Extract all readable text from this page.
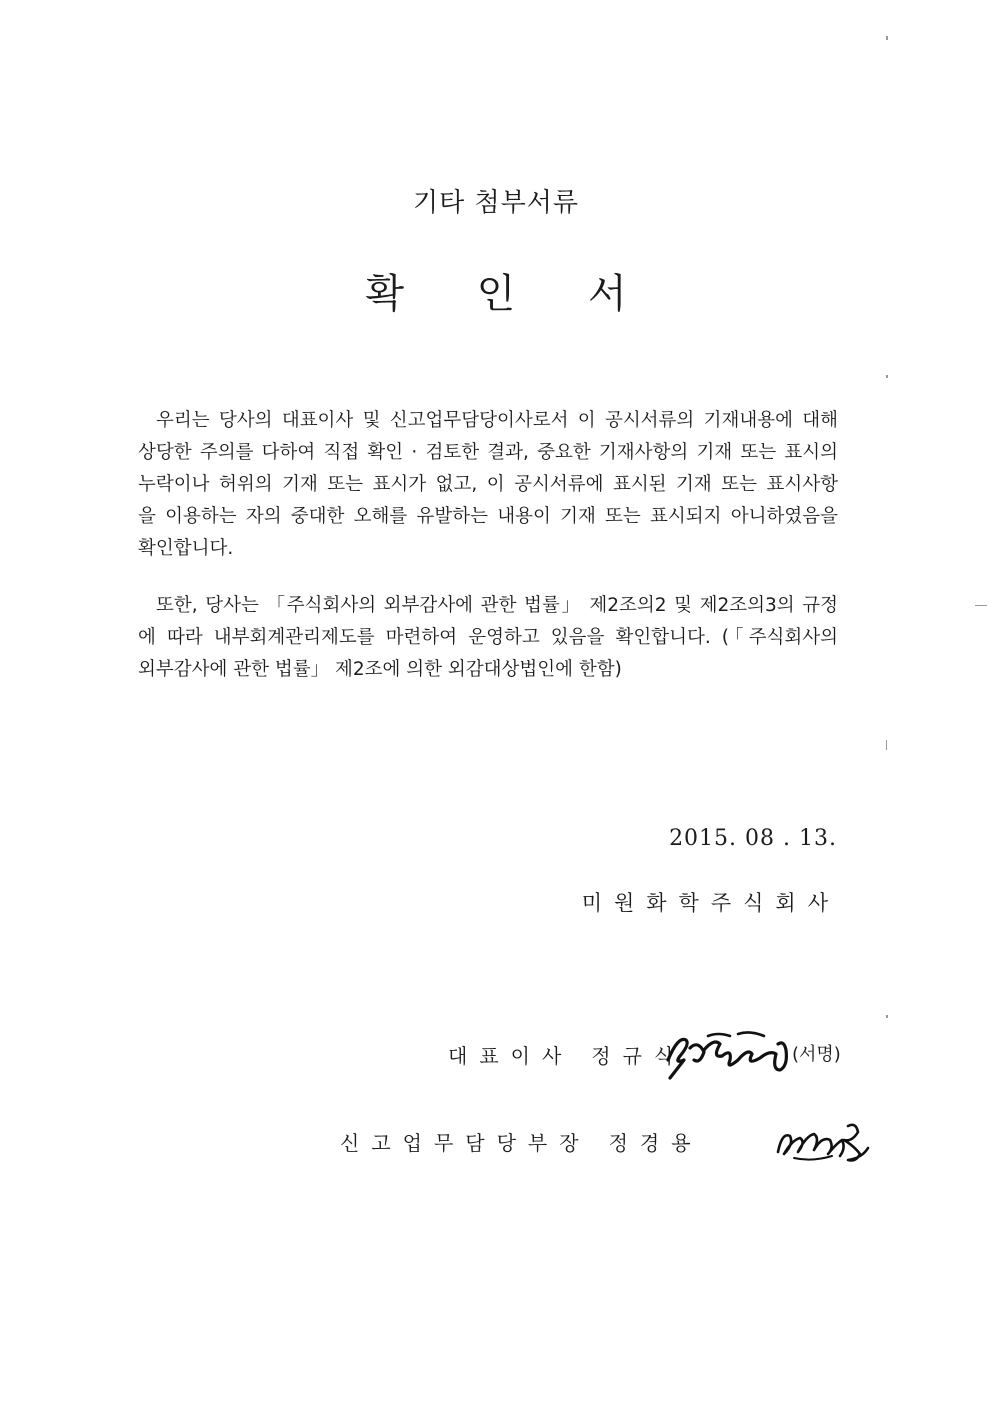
기타 첨부서류
확 인 서
우리는 당사의 대표이사 및 신고업무담당이사로서 이 공시서류의 기재내용에 대해
상당한 주의를 다하여 직접 확인 · 검토한 결과, 중요한 기재사항의 기재 또는 표시의
누락이나 허위의 기재 또는 표시가 없고, 이 공시서류에 표시된 기재 또는 표시사항
을 이용하는 자의 중대한 오해를 유발하는 내용이 기재 또는 표시되지 아니하였음을
확인합니다.
또한, 당사는 「주식회사의 외부감사에 관한 법률」 제2조의2 및 제2조의3의 규정
에 따라 내부회계관리제도를 마련하여 운영하고 있음을 확인합니다. (「주식회사의
외부감사에 관한 법률」 제2조에 의한 외감대상법인에 한함)
2015. 08 . 13.
미원화학주식회사
대표이사 정규식	(서명)
신고업무담당부장 정경용
